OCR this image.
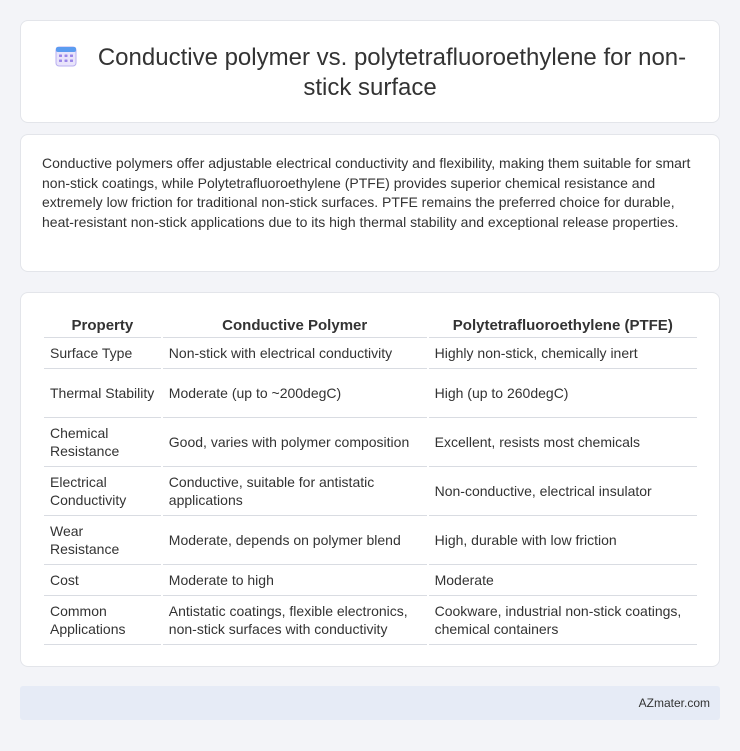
Conductive polymer vs. polytetrafluoroethylene for non-stick surface

Conductive polymers offer adjustable electrical conductivity and flexibility, making them suitable for smart non-stick coatings, while Polytetrafluoroethylene (PTFE) provides superior chemical resistance and extremely low friction for traditional non-stick surfaces. PTFE remains the preferred choice for durable, heat-resistant non-stick applications due to its high thermal stability and exceptional release properties.

Property	Conductive Polymer	Polytetrafluoroethylene (PTFE)
Surface Type	Non-stick with electrical conductivity	Highly non-stick, chemically inert
Thermal Stability	Moderate (up to ~200degC)	High (up to 260degC)
Chemical Resistance	Good, varies with polymer composition	Excellent, resists most chemicals
Electrical Conductivity	Conductive, suitable for antistatic applications	Non-conductive, electrical insulator
Wear Resistance	Moderate, depends on polymer blend	High, durable with low friction
Cost	Moderate to high	Moderate
Common Applications	Antistatic coatings, flexible electronics, non-stick surfaces with conductivity	Cookware, industrial non-stick coatings, chemical containers
AZmater.com
